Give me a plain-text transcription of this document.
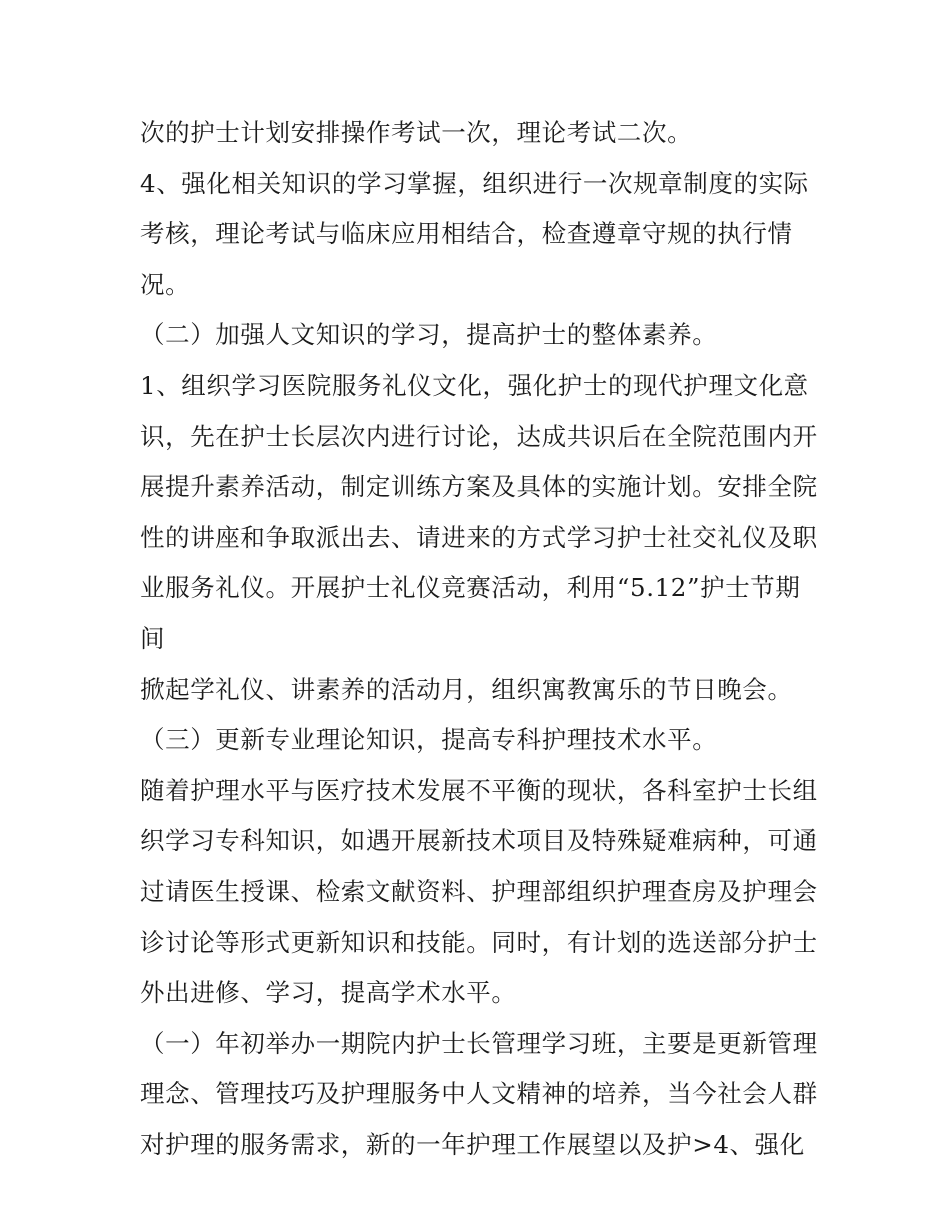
次的护士计划安排操作考试一次，理论考试二次。

4、强化相关知识的学习掌握，组织进行一次规章制度的实际

考核，理论考试与临床应用相结合，检查遵章守规的执行情

况。

（二）加强人文知识的学习，提高护士的整体素养。

1、组织学习医院服务礼仪文化，强化护士的现代护理文化意

识，先在护士长层次内进行讨论，达成共识后在全院范围内开

展提升素养活动，制定训练方案及具体的实施计划。安排全院

性的讲座和争取派出去、请进来的方式学习护士社交礼仪及职

业服务礼仪。开展护士礼仪竞赛活动，利用“5.12”护士节期间

掀起学礼仪、讲素养的活动月，组织寓教寓乐的节日晚会。

（三）更新专业理论知识，提高专科护理技术水平。

随着护理水平与医疗技术发展不平衡的现状，各科室护士长组

织学习专科知识，如遇开展新技术项目及特殊疑难病种，可通

过请医生授课、检索文献资料、护理部组织护理查房及护理会

诊讨论等形式更新知识和技能。同时，有计划的选送部分护士

外出进修、学习，提高学术水平。

（一）年初举办一期院内护士长管理学习班，主要是更新管理

理念、管理技巧及护理服务中人文精神的培养，当今社会人群

对护理的服务需求，新的一年护理工作展望以及护>4、强化
